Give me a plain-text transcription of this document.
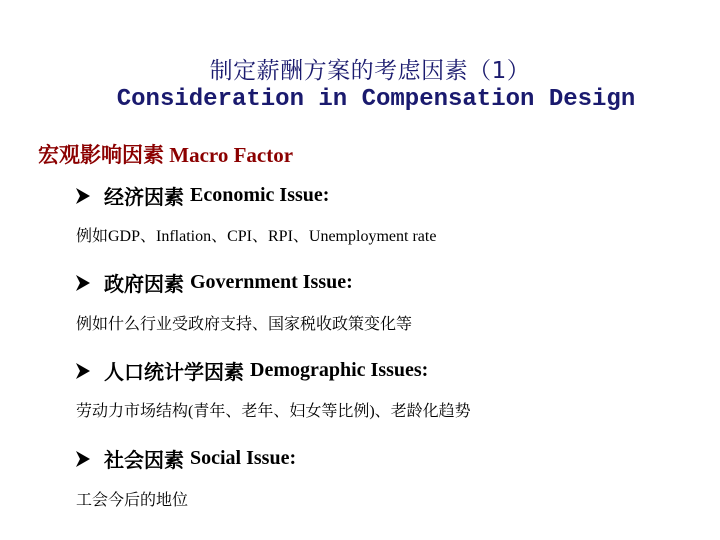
制定薪酬方案的考虑因素（1）
Consideration in Compensation Design
宏观影响因素 Macro Factor
经济因素 Economic Issue:
例如GDP、Inflation、CPI、RPI、Unemployment rate
政府因素 Government Issue:
例如什么行业受政府支持、国家税收政策变化等
人口统计学因素 Demographic Issues:
劳动力市场结构(青年、老年、妇女等比例)、老龄化趋势
社会因素 Social Issue:
工会今后的地位
